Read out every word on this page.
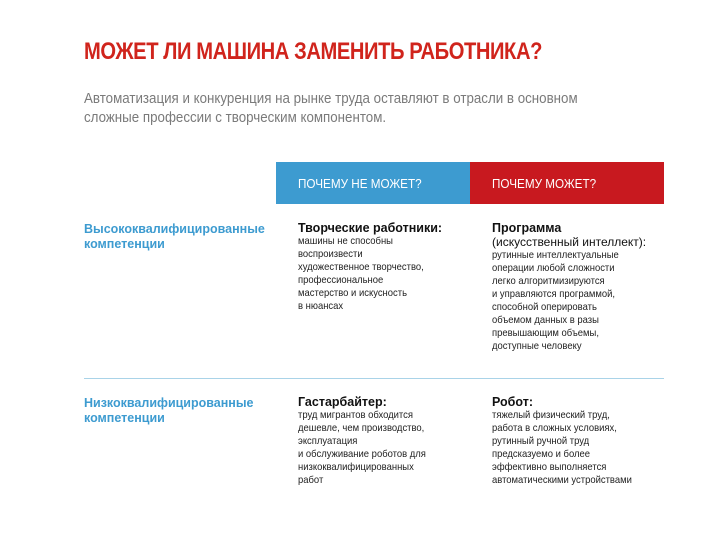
МОЖЕТ ЛИ МАШИНА ЗАМЕНИТЬ РАБОТНИКА?
Автоматизация и конкуренция на рынке труда оставляют в отрасли в основном сложные профессии с творческим компонентом.
ПОЧЕМУ НЕ МОЖЕТ?	ПОЧЕМУ МОЖЕТ?
Высококвалифицированные компетенции
Творческие работники:
машины не способны
воспроизвести
художественное творчество,
профессиональное
мастерство и искусность
в нюансах
Программа
(искусственный интеллект):
рутинные интеллектуальные
операции любой сложности
легко алгоритмизируются
и управляются программой,
способной оперировать
объемом данных в разы
превышающим объемы,
доступные человеку
Низкоквалифицированные компетенции
Гастарбайтер:
труд мигрантов обходится
дешевле, чем производство,
эксплуатация
и обслуживание роботов для
низкоквалифицированных
работ
Робот:
тяжелый физический труд,
работа в сложных условиях,
рутинный ручной труд
предсказуемо и более
эффективно выполняется
автоматическими устройствами
